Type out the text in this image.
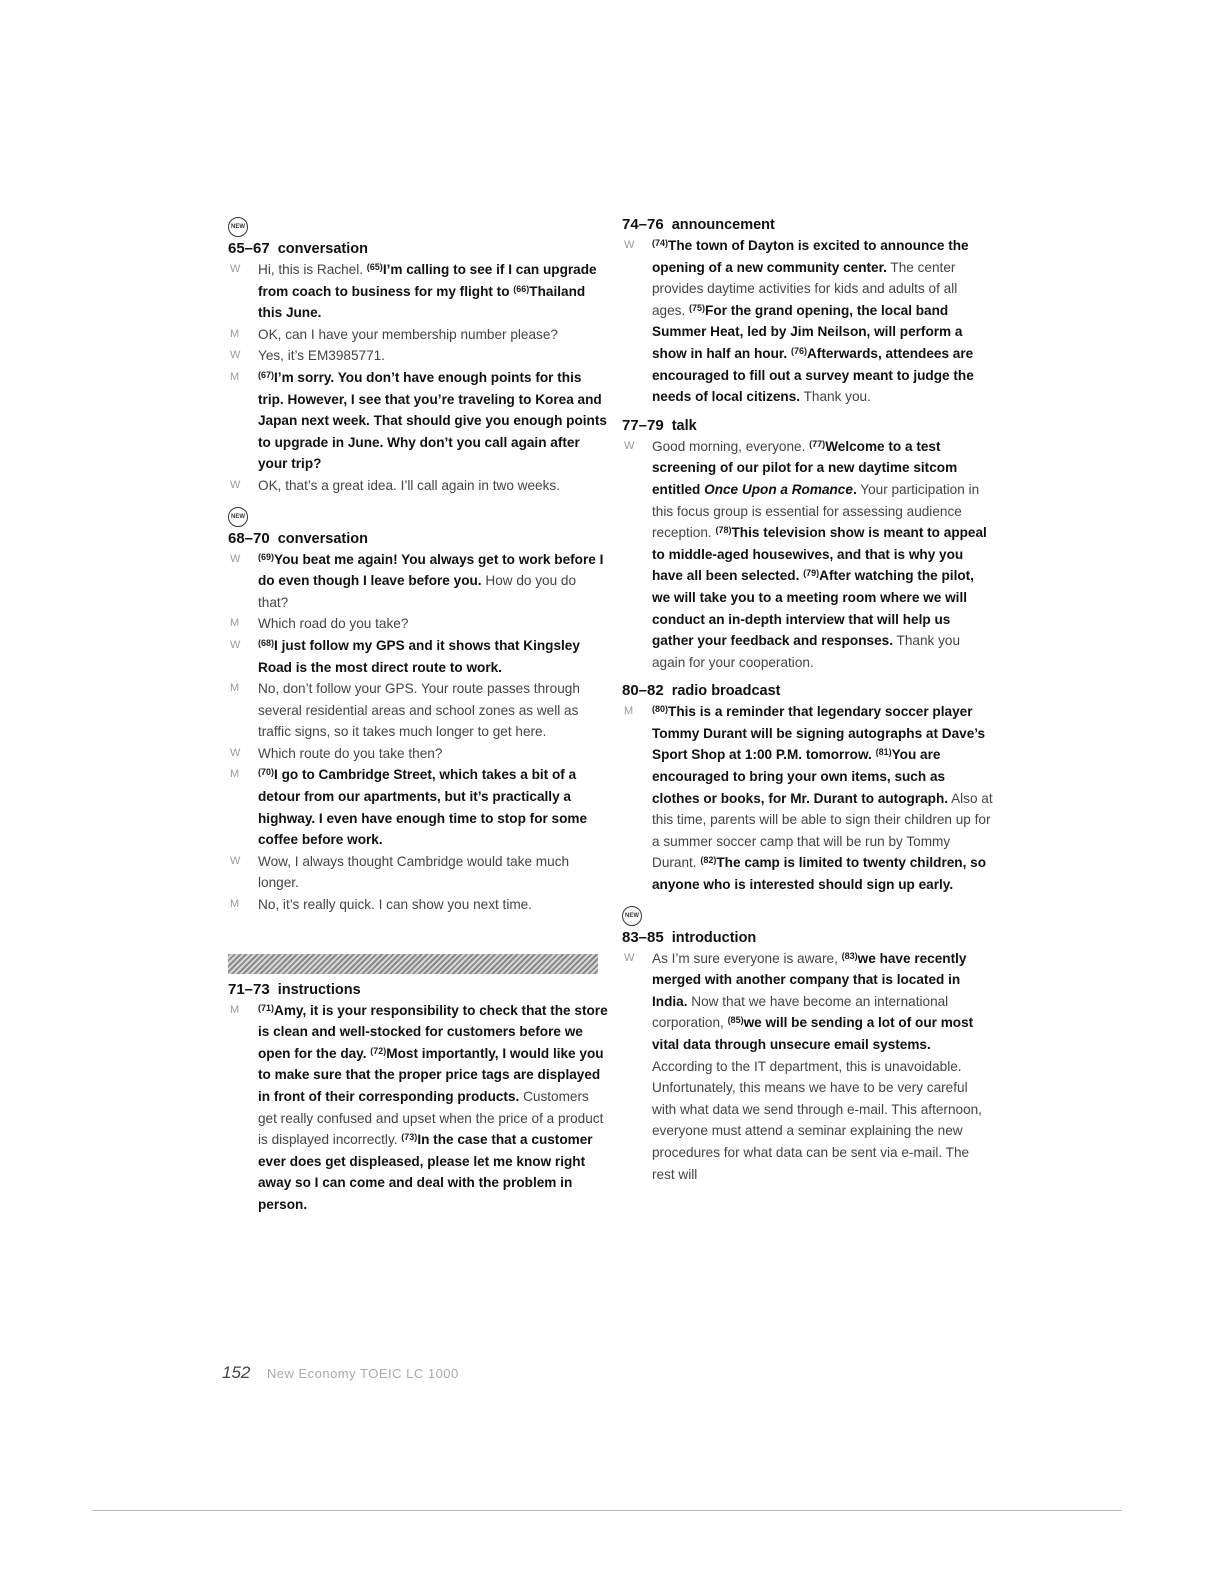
NEW
65–67 conversation
W	Hi, this is Rachel. $^{(65)}$I’m calling to see if I can upgrade from coach to business for my flight to $^{(66)}$Thailand this June.
M	OK, can I have your membership number please?
W	Yes, it’s EM3985771.
M	$^{(67)}$I’m sorry. You don’t have enough points for this trip. However, I see that you’re traveling to Korea and Japan next week. That should give you enough points to upgrade in June. Why don’t you call again after your trip?
W	OK, that’s a great idea. I’ll call again in two weeks.
NEW
68–70 conversation
W	$^{(69)}$You beat me again! You always get to work before I do even though I leave before you. How do you do that?
M	Which road do you take?
W	$^{(68)}$I just follow my GPS and it shows that Kingsley Road is the most direct route to work.
M	No, don’t follow your GPS. Your route passes through several residential areas and school zones as well as traffic signs, so it takes much longer to get here.
W	Which route do you take then?
M	$^{(70)}$I go to Cambridge Street, which takes a bit of a detour from our apartments, but it’s practically a highway. I even have enough time to stop for some coffee before work.
W	Wow, I always thought Cambridge would take much longer.
M	No, it’s really quick. I can show you next time.
71–73 instructions
M	$^{(71)}$Amy, it is your responsibility to check that the store is clean and well-stocked for customers before we open for the day. $^{(72)}$Most importantly, I would like you to make sure that the proper price tags are displayed in front of their corresponding products. Customers get really confused and upset when the price of a product is displayed incorrectly. $^{(73)}$In the case that a customer ever does get displeased, please let me know right away so I can come and deal with the problem in person.
74–76 announcement
W	$^{(74)}$The town of Dayton is excited to announce the opening of a new community center. The center provides daytime activities for kids and adults of all ages. $^{(75)}$For the grand opening, the local band Summer Heat, led by Jim Neilson, will perform a show in half an hour. $^{(76)}$Afterwards, attendees are encouraged to fill out a survey meant to judge the needs of local citizens. Thank you.
77–79 talk
W	Good morning, everyone. $^{(77)}$Welcome to a test screening of our pilot for a new daytime sitcom entitled Once Upon a Romance. Your participation in this focus group is essential for assessing audience reception. $^{(78)}$This television show is meant to appeal to middle-aged housewives, and that is why you have all been selected. $^{(79)}$After watching the pilot, we will take you to a meeting room where we will conduct an in-depth interview that will help us gather your feedback and responses. Thank you again for your cooperation.
80–82 radio broadcast
M	$^{(80)}$This is a reminder that legendary soccer player Tommy Durant will be signing autographs at Dave’s Sport Shop at 1:00 P.M. tomorrow. $^{(81)}$You are encouraged to bring your own items, such as clothes or books, for Mr. Durant to autograph. Also at this time, parents will be able to sign their children up for a summer soccer camp that will be run by Tommy Durant. $^{(82)}$The camp is limited to twenty children, so anyone who is interested should sign up early.
NEW
83–85 introduction
W	As I’m sure everyone is aware, $^{(83)}$we have recently merged with another company that is located in India. Now that we have become an international corporation, $^{(85)}$we will be sending a lot of our most vital data through unsecure email systems. According to the IT department, this is unavoidable. Unfortunately, this means we have to be very careful with what data we send through e-mail. This afternoon, everyone must attend a seminar explaining the new procedures for what data can be sent via e-mail. The rest will
152 New Economy TOEIC LC 1000
